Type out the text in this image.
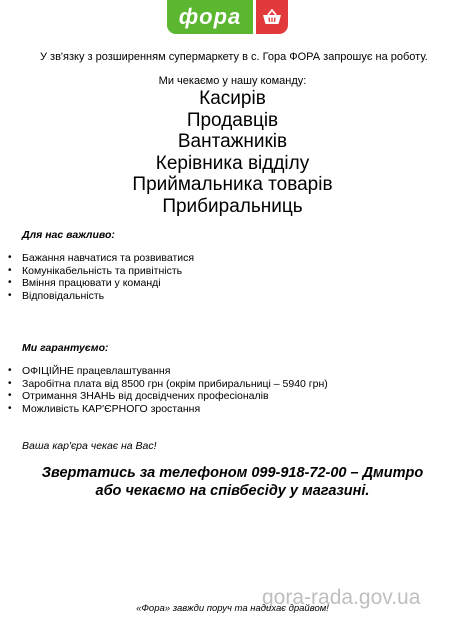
фора
У зв'язку з розширенням супермаркету в с. Гора ФОРА запрошує на роботу.
Ми чекаємо у нашу команду:
Касирів
Продавців
Вантажників
Керівника відділу
Приймальника товарів
Прибиральниць
Для нас важливо:
• Бажання навчатися та розвиватися
• Комунікабельність та привітність
• Вміння працювати у команді
• Відповідальність
Ми гарантуємо:
• ОФІЦІЙНЕ працевлаштування
• Заробітна плата від 8500 грн (окрім прибиральниці – 5940 грн)
• Отримання ЗНАНЬ від досвідчених професіоналів
• Можливість КАР'ЄРНОГО зростання
Ваша кар'єра чекає на Вас!
Звертатись за телефоном 099-918-72-00 – Дмитро
або чекаємо на співбесіду у магазині.
gora-rada.gov.ua
«Фора» завжди поруч та надихає драйвом!
